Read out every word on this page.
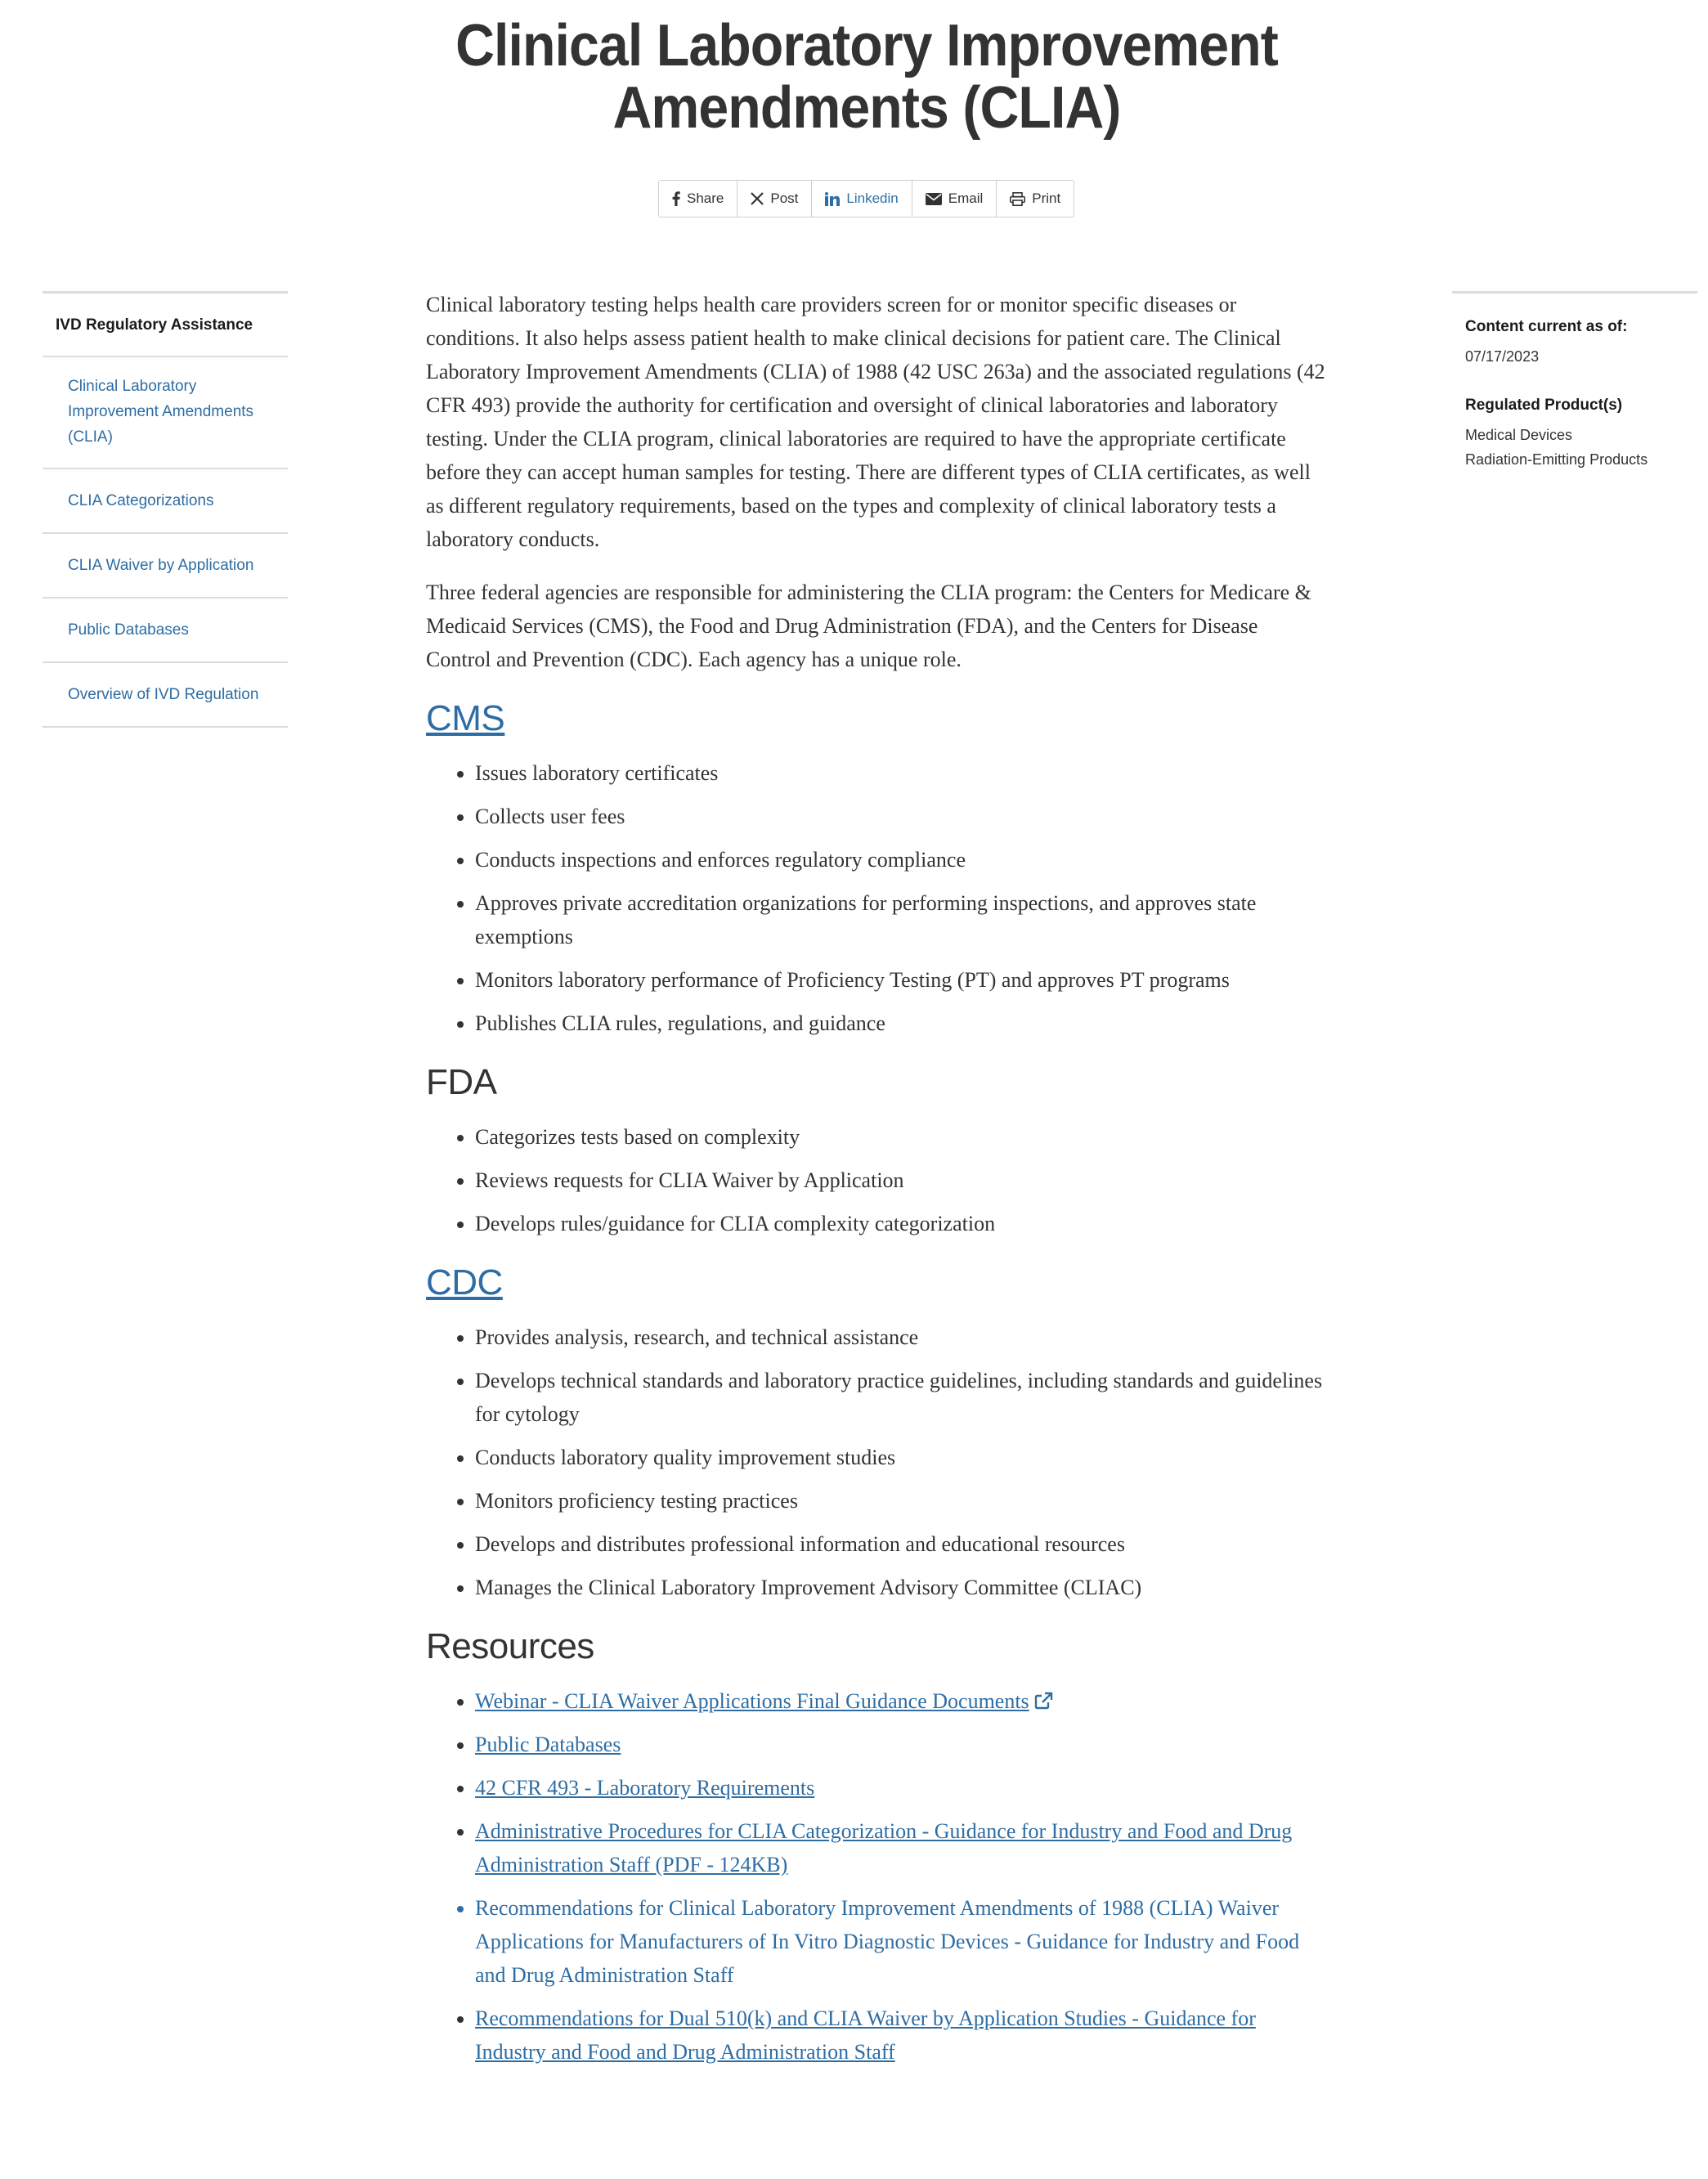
Clinical Laboratory Improvement Amendments (CLIA)
Share	Post	Linkedin	Email	Print
IVD Regulatory Assistance
Clinical Laboratory Improvement Amendments (CLIA)
CLIA Categorizations
CLIA Waiver by Application
Public Databases
Overview of IVD Regulation
Content current as of:
07/17/2023
Regulated Product(s)
Medical Devices
Radiation-Emitting Products

Clinical laboratory testing helps health care providers screen for or monitor specific diseases or conditions. It also helps assess patient health to make clinical decisions for patient care. The Clinical Laboratory Improvement Amendments (CLIA) of 1988 (42 USC 263a) and the associated regulations (42 CFR 493) provide the authority for certification and oversight of clinical laboratories and laboratory testing. Under the CLIA program, clinical laboratories are required to have the appropriate certificate before they can accept human samples for testing. There are different types of CLIA certificates, as well as different regulatory requirements, based on the types and complexity of clinical laboratory tests a laboratory conducts.

Three federal agencies are responsible for administering the CLIA program: the Centers for Medicare & Medicaid Services (CMS), the Food and Drug Administration (FDA), and the Centers for Disease Control and Prevention (CDC). Each agency has a unique role.

CMS
• Issues laboratory certificates
• Collects user fees
• Conducts inspections and enforces regulatory compliance
• Approves private accreditation organizations for performing inspections, and approves state exemptions
• Monitors laboratory performance of Proficiency Testing (PT) and approves PT programs
• Publishes CLIA rules, regulations, and guidance
FDA
• Categorizes tests based on complexity
• Reviews requests for CLIA Waiver by Application
• Develops rules/guidance for CLIA complexity categorization
CDC
• Provides analysis, research, and technical assistance
• Develops technical standards and laboratory practice guidelines, including standards and guidelines for cytology
• Conducts laboratory quality improvement studies
• Monitors proficiency testing practices
• Develops and distributes professional information and educational resources
• Manages the Clinical Laboratory Improvement Advisory Committee (CLIAC)
Resources
• Webinar - CLIA Waiver Applications Final Guidance Documents
• Public Databases
• 42 CFR 493 - Laboratory Requirements
• Administrative Procedures for CLIA Categorization - Guidance for Industry and Food and Drug Administration Staff (PDF - 124KB)
• Recommendations for Clinical Laboratory Improvement Amendments of 1988 (CLIA) Waiver Applications for Manufacturers of In Vitro Diagnostic Devices - Guidance for Industry and Food and Drug Administration Staff
• Recommendations for Dual 510(k) and CLIA Waiver by Application Studies - Guidance for Industry and Food and Drug Administration Staff
